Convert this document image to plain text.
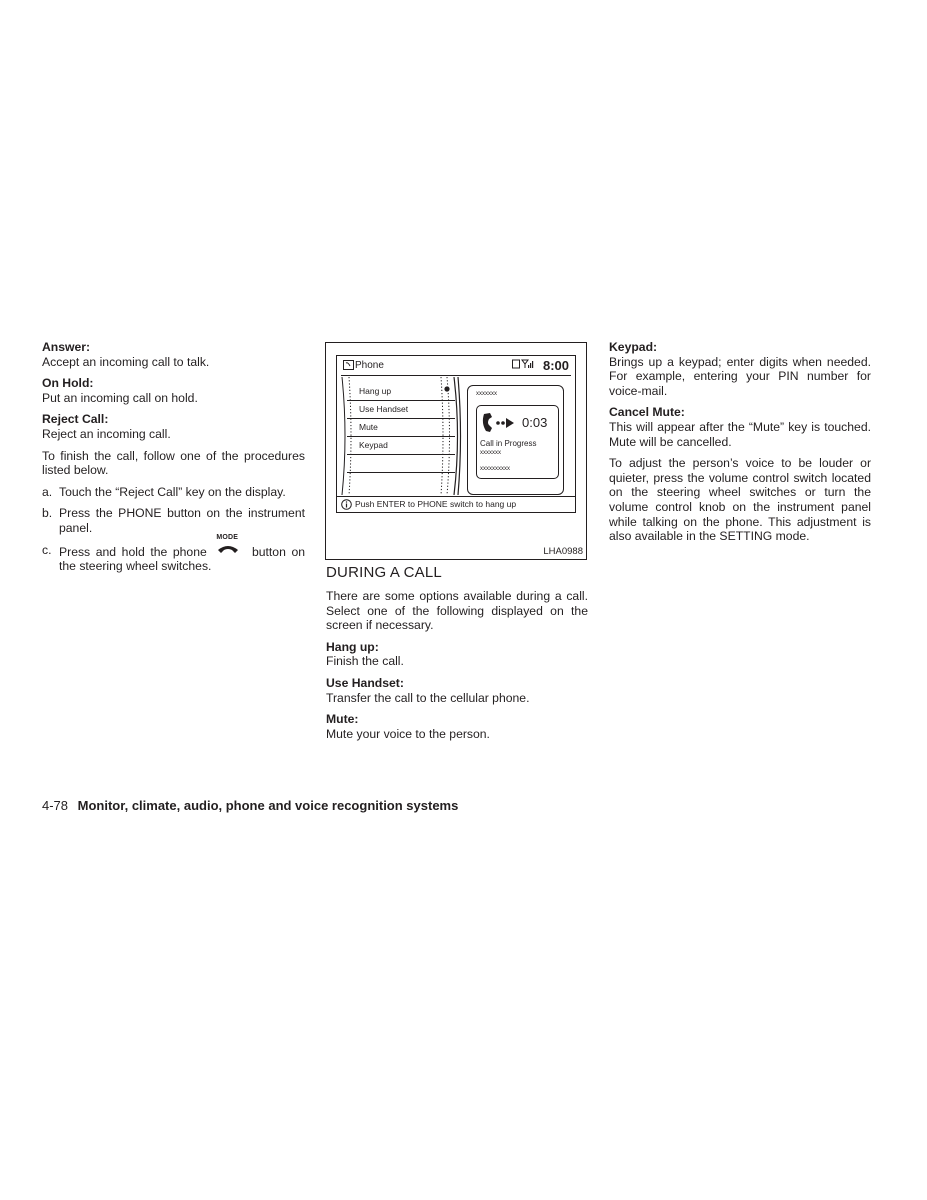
Answer:

Accept an incoming call to talk.

On Hold:

Put an incoming call on hold.

Reject Call:

Reject an incoming call.

To finish the call, follow one of the procedures listed below.

a. Touch the “Reject Call” key on the display.
b. Press the PHONE button on the instrument panel.
c. Press and hold the phone
MODE
button on the steering wheel switches.
Phone	8:00
Hang up
Use Handset
Mute
Keypad
xxxxxxx
0:03
Call in Progress
xxxxxxx
xxxxxxxxxx
Push ENTER to PHONE switch to hang up
LHA0988

DURING A CALL

There are some options available during a call. Select one of the following displayed on the screen if necessary.

Hang up:

Finish the call.

Use Handset:

Transfer the call to the cellular phone.

Mute:

Mute your voice to the person.

Keypad:

Brings up a keypad; enter digits when needed. For example, entering your PIN number for voice-mail.

Cancel Mute:

This will appear after the “Mute” key is touched. Mute will be cancelled.

To adjust the person’s voice to be louder or quieter, press the volume control switch located on the steering wheel switches or turn the volume control knob on the instrument panel while talking on the phone. This adjustment is also available in the SETTING mode.

4-78 Monitor, climate, audio, phone and voice recognition systems
